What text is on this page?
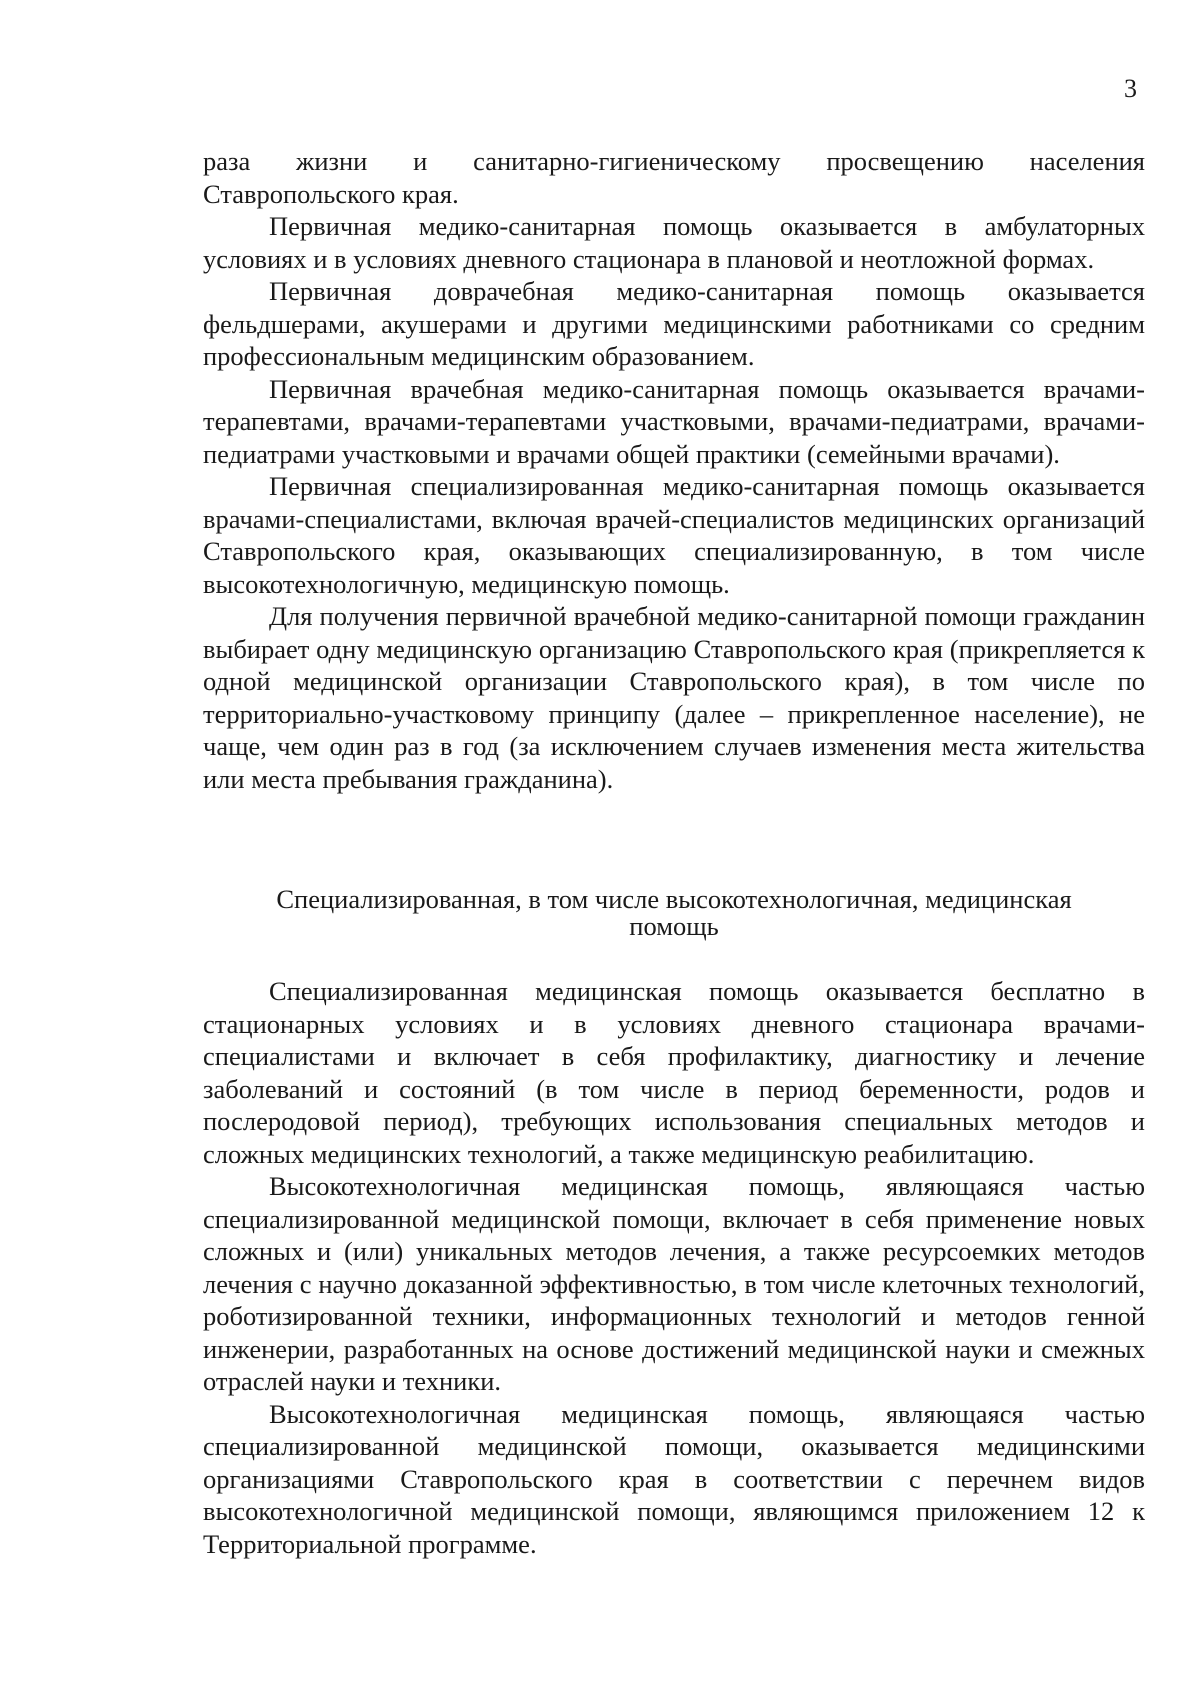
3

раза жизни и санитарно-гигиеническому просвещению населения Ставропольского края.

Первичная медико-санитарная помощь оказывается в амбулаторных условиях и в условиях дневного стационара в плановой и неотложной формах.

Первичная доврачебная медико-санитарная помощь оказывается фельдшерами, акушерами и другими медицинскими работниками со средним профессиональным медицинским образованием.

Первичная врачебная медико-санитарная помощь оказывается врачами-терапевтами, врачами-терапевтами участковыми, врачами-педиатрами, врачами-педиатрами участковыми и врачами общей практики (семейными врачами).

Первичная специализированная медико-санитарная помощь оказывается врачами-специалистами, включая врачей-специалистов медицинских организаций Ставропольского края, оказывающих специализированную, в том числе высокотехнологичную, медицинскую помощь.

Для получения первичной врачебной медико-санитарной помощи гражданин выбирает одну медицинскую организацию Ставропольского края (прикрепляется к одной медицинской организации Ставропольского края), в том числе по территориально-участковому принципу (далее – прикрепленное население), не чаще, чем один раз в год (за исключением случаев изменения места жительства или места пребывания гражданина).

Специализированная, в том числе высокотехнологичная, медицинская
помощь

Специализированная медицинская помощь оказывается бесплатно в стационарных условиях и в условиях дневного стационара врачами-специалистами и включает в себя профилактику, диагностику и лечение заболеваний и состояний (в том числе в период беременности, родов и послеродовой период), требующих использования специальных методов и сложных медицинских технологий, а также медицинскую реабилитацию.

Высокотехнологичная медицинская помощь, являющаяся частью специализированной медицинской помощи, включает в себя применение новых сложных и (или) уникальных методов лечения, а также ресурсоемких методов лечения с научно доказанной эффективностью, в том числе клеточных технологий, роботизированной техники, информационных технологий и методов генной инженерии, разработанных на основе достижений медицинской науки и смежных отраслей науки и техники.

Высокотехнологичная медицинская помощь, являющаяся частью специализированной медицинской помощи, оказывается медицинскими организациями Ставропольского края в соответствии с перечнем видов высокотехнологичной медицинской помощи, являющимся приложением 12 к Территориальной программе.
